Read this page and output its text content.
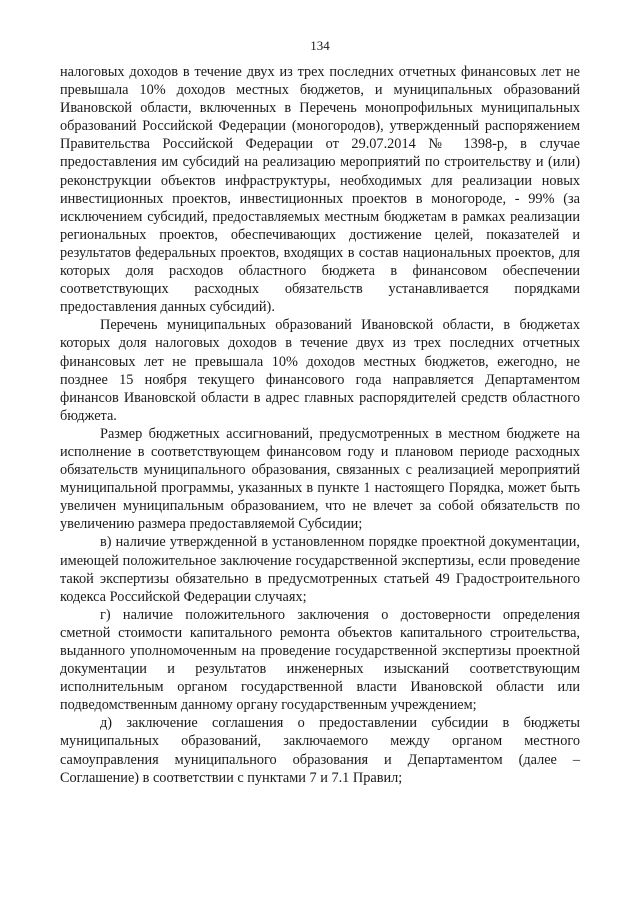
134

налоговых доходов в течение двух из трех последних отчетных финансовых лет не превышала 10% доходов местных бюджетов, и муниципальных образований Ивановской области, включенных в Перечень монопрофильных муниципальных образований Российской Федерации (моногородов), утвержденный распоряжением Правительства Российской Федерации от 29.07.2014 № 1398-р, в случае предоставления им субсидий на реализацию мероприятий по строительству и (или) реконструкции объектов инфраструктуры, необходимых для реализации новых инвестиционных проектов, инвестиционных проектов в моногороде, - 99% (за исключением субсидий, предоставляемых местным бюджетам в рамках реализации региональных проектов, обеспечивающих достижение целей, показателей и результатов федеральных проектов, входящих в состав национальных проектов, для которых доля расходов областного бюджета в финансовом обеспечении соответствующих расходных обязательств устанавливается порядками предоставления данных субсидий).

Перечень муниципальных образований Ивановской области, в бюджетах которых доля налоговых доходов в течение двух из трех последних отчетных финансовых лет не превышала 10% доходов местных бюджетов, ежегодно, не позднее 15 ноября текущего финансового года направляется Департаментом финансов Ивановской области в адрес главных распорядителей средств областного бюджета.

Размер бюджетных ассигнований, предусмотренных в местном бюджете на исполнение в соответствующем финансовом году и плановом периоде расходных обязательств муниципального образования, связанных с реализацией мероприятий муниципальной программы, указанных в пункте 1 настоящего Порядка, может быть увеличен муниципальным образованием, что не влечет за собой обязательств по увеличению размера предоставляемой Субсидии;

в) наличие утвержденной в установленном порядке проектной документации, имеющей положительное заключение государственной экспертизы, если проведение такой экспертизы обязательно в предусмотренных статьей 49 Градостроительного кодекса Российской Федерации случаях;

г) наличие положительного заключения о достоверности определения сметной стоимости капитального ремонта объектов капитального строительства, выданного уполномоченным на проведение государственной экспертизы проектной документации и результатов инженерных изысканий соответствующим исполнительным органом государственной власти Ивановской области или подведомственным данному органу государственным учреждением;

д) заключение соглашения о предоставлении субсидии в бюджеты муниципальных образований, заключаемого между органом местного самоуправления муниципального образования и Департаментом (далее – Соглашение) в соответствии с пунктами 7 и 7.1 Правил;
